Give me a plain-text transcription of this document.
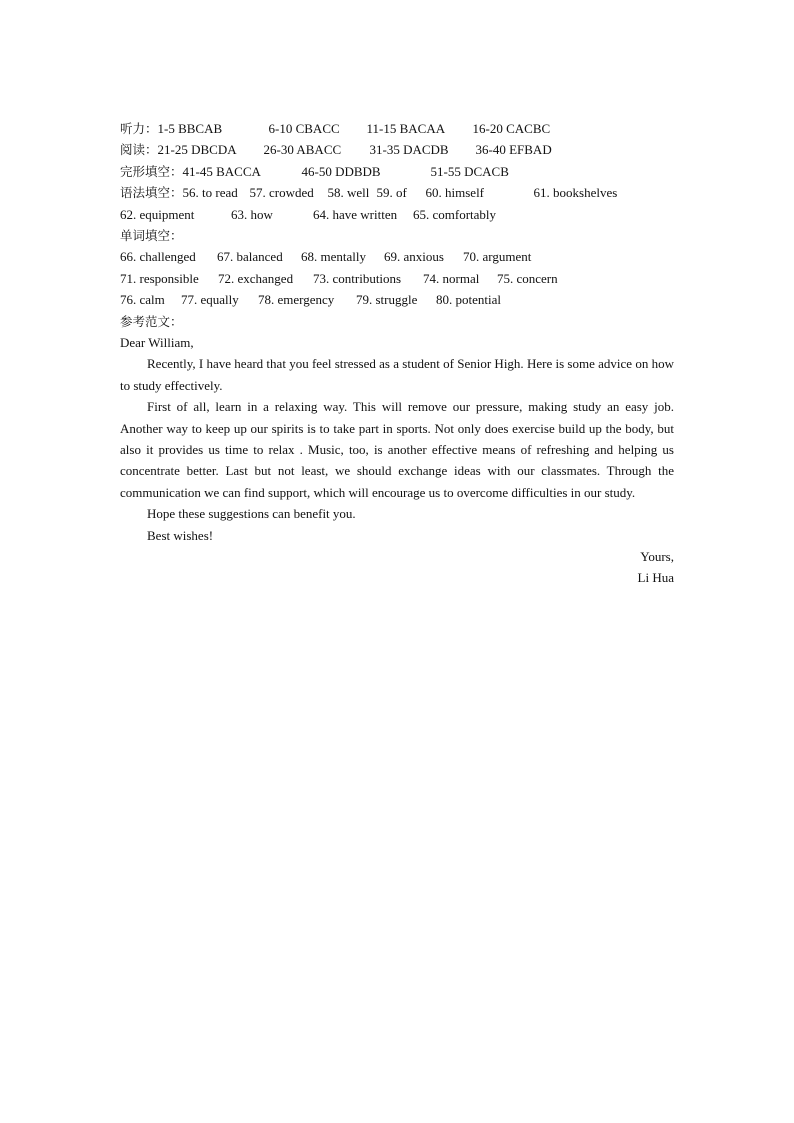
听力：1-5 BBCAB	6-10 CBACC 11-15 BACAA 16-20 CACBC
阅读：21-25 DBCDA 26-30 ABACC 31-35 DACDB 36-40 EFBAD
完形填空：41-45 BACCA	46-50 DDBDB	51-55 DCACB
语法填空：56. to read 57. crowded 58. well 59. of 60. himself	61. bookshelves
62. equipment	63. how	64. have written 65. comfortably
单词填空：
66. challenged 67. balanced 68. mentally 69. anxious 70. argument
71. responsible 72. exchanged 73. contributions 74. normal 75. concern
76. calm 77. equally 78. emergency 79. struggle 80. potential
参考范文：
Dear William,

Recently, I have heard that you feel stressed as a student of Senior High. Here is some advice on how to study effectively.

First of all, learn in a relaxing way. This will remove our pressure, making study an easy job. Another way to keep up our spirits is to take part in sports. Not only does exercise build up the body, but also it provides us time to relax . Music, too, is another effective means of refreshing and helping us concentrate better. Last but not least, we should exchange ideas with our classmates. Through the communication we can find support, which will encourage us to overcome difficulties in our study.

Hope these suggestions can benefit you.
Best wishes!
Yours,
Li Hua
